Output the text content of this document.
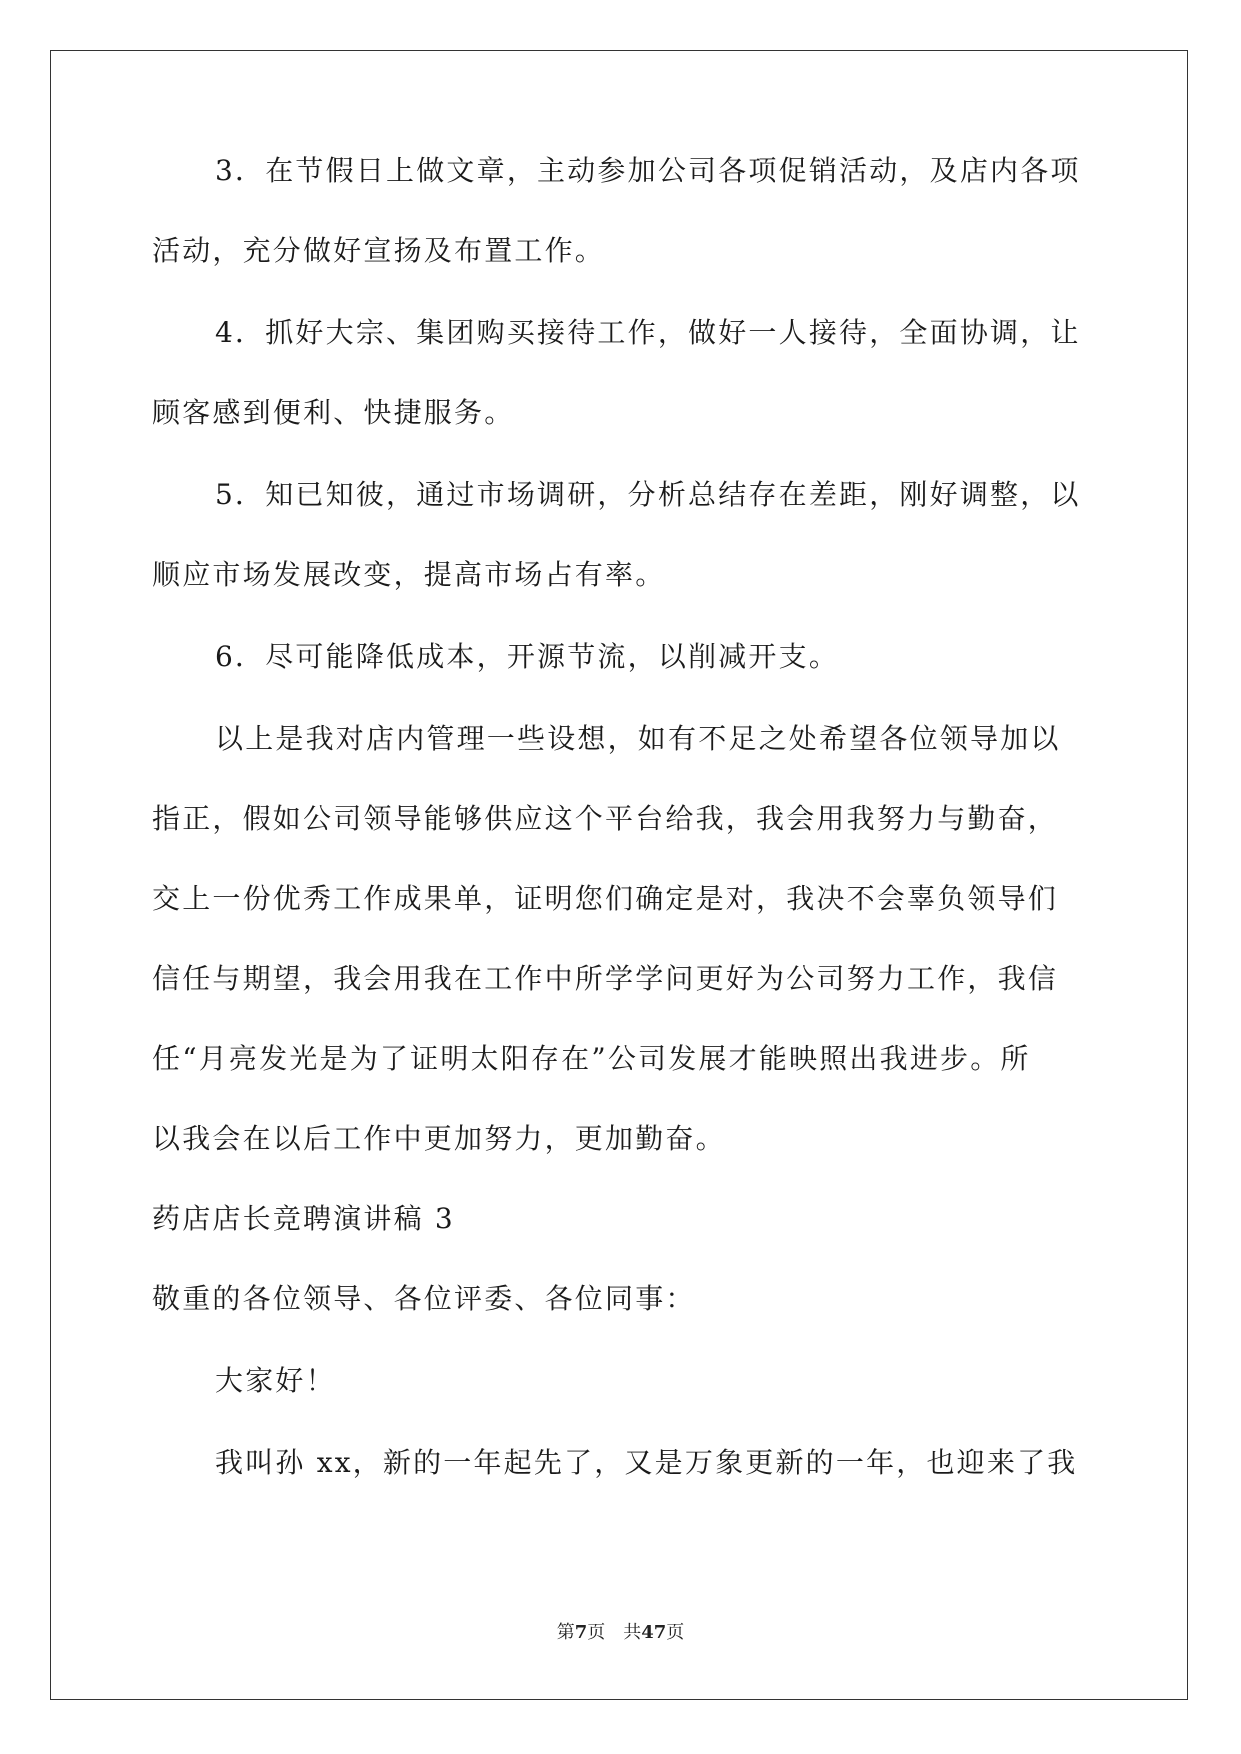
3．在节假日上做文章，主动参加公司各项促销活动，及店内各项
活动，充分做好宣扬及布置工作。
4．抓好大宗、集团购买接待工作，做好一人接待，全面协调，让
顾客感到便利、快捷服务。
5．知已知彼，通过市场调研，分析总结存在差距，刚好调整，以
顺应市场发展改变，提高市场占有率。
6．尽可能降低成本，开源节流，以削减开支。
以上是我对店内管理一些设想，如有不足之处希望各位领导加以
指正，假如公司领导能够供应这个平台给我，我会用我努力与勤奋，
交上一份优秀工作成果单，证明您们确定是对，我决不会辜负领导们
信任与期望，我会用我在工作中所学学问更好为公司努力工作，我信
任“月亮发光是为了证明太阳存在”公司发展才能映照出我进步。所
以我会在以后工作中更加努力，更加勤奋。
药店店长竞聘演讲稿 3
敬重的各位领导、各位评委、各位同事：
大家好！
我叫孙 xx，新的一年起先了，又是万象更新的一年，也迎来了我
第7页 共47页
